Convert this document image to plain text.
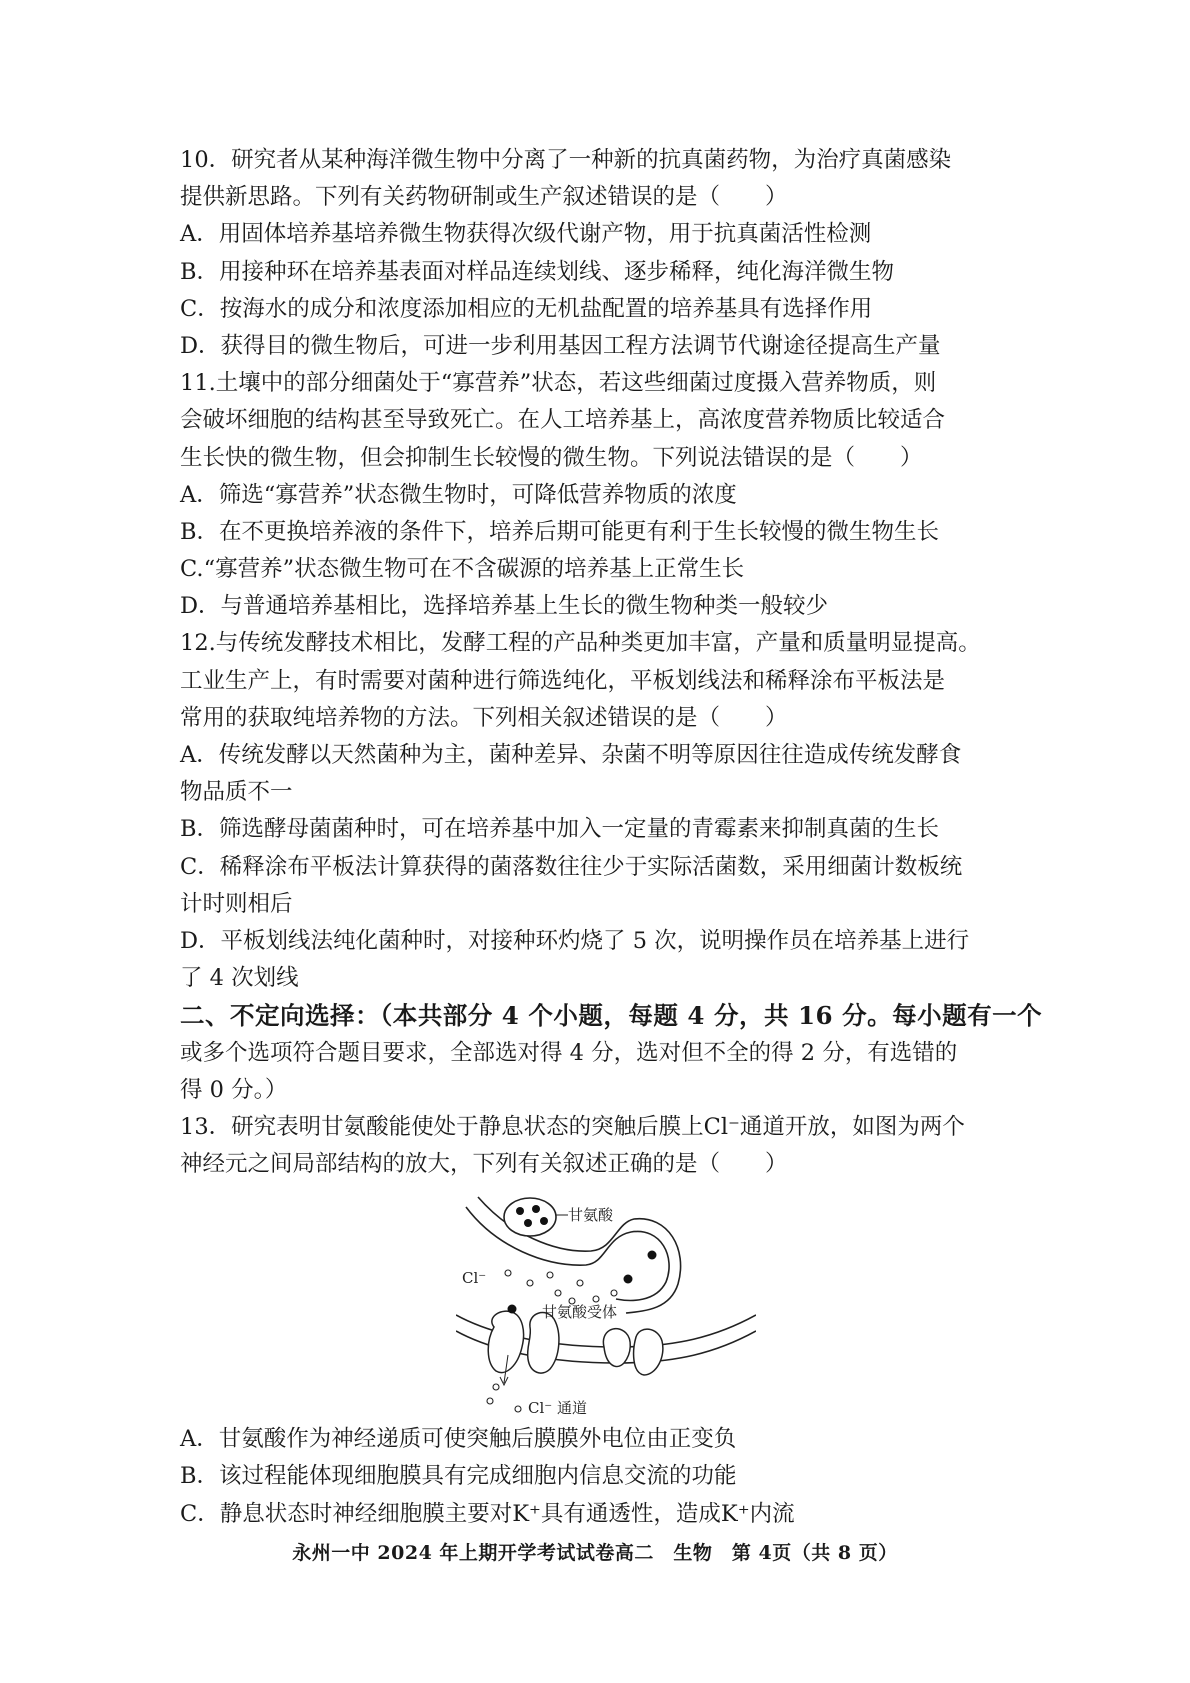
10．研究者从某种海洋微生物中分离了一种新的抗真菌药物，为治疗真菌感染
提供新思路。下列有关药物研制或生产叙述错误的是（　　）
A．用固体培养基培养微生物获得次级代谢产物，用于抗真菌活性检测
B．用接种环在培养基表面对样品连续划线、逐步稀释，纯化海洋微生物
C．按海水的成分和浓度添加相应的无机盐配置的培养基具有选择作用
D．获得目的微生物后，可进一步利用基因工程方法调节代谢途径提高生产量
11.土壤中的部分细菌处于“寡营养”状态，若这些细菌过度摄入营养物质，则
会破坏细胞的结构甚至导致死亡。在人工培养基上，高浓度营养物质比较适合
生长快的微生物，但会抑制生长较慢的微生物。下列说法错误的是（　　）
A．筛选“寡营养”状态微生物时，可降低营养物质的浓度
B．在不更换培养液的条件下，培养后期可能更有利于生长较慢的微生物生长
C.“寡营养”状态微生物可在不含碳源的培养基上正常生长
D．与普通培养基相比，选择培养基上生长的微生物种类一般较少
12.与传统发酵技术相比，发酵工程的产品种类更加丰富，产量和质量明显提高。
工业生产上，有时需要对菌种进行筛选纯化，平板划线法和稀释涂布平板法是
常用的获取纯培养物的方法。下列相关叙述错误的是（　　）
A．传统发酵以天然菌种为主，菌种差异、杂菌不明等原因往往造成传统发酵食
物品质不一
B．筛选酵母菌菌种时，可在培养基中加入一定量的青霉素来抑制真菌的生长
C．稀释涂布平板法计算获得的菌落数往往少于实际活菌数，采用细菌计数板统
计时则相后
D．平板划线法纯化菌种时，对接种环灼烧了 5 次，说明操作员在培养基上进行
了 4 次划线
二、不定向选择：（本共部分 4 个小题，每题 4 分，共 16 分。每小题有一个
或多个选项符合题目要求，全部选对得 4 分，选对但不全的得 2 分，有选错的
得 0 分。）
13．研究表明甘氨酸能使处于静息状态的突触后膜上Cl⁻通道开放，如图为两个
神经元之间局部结构的放大，下列有关叙述正确的是（　　）
甘氨酸
Cl⁻
甘氨酸受体
Cl⁻ 通道
A．甘氨酸作为神经递质可使突触后膜膜外电位由正变负
B．该过程能体现细胞膜具有完成细胞内信息交流的功能
C．静息状态时神经细胞膜主要对K⁺具有通透性，造成K⁺内流
永州一中 2024 年上期开学考试试卷高二　生物　第 4页（共 8 页）
